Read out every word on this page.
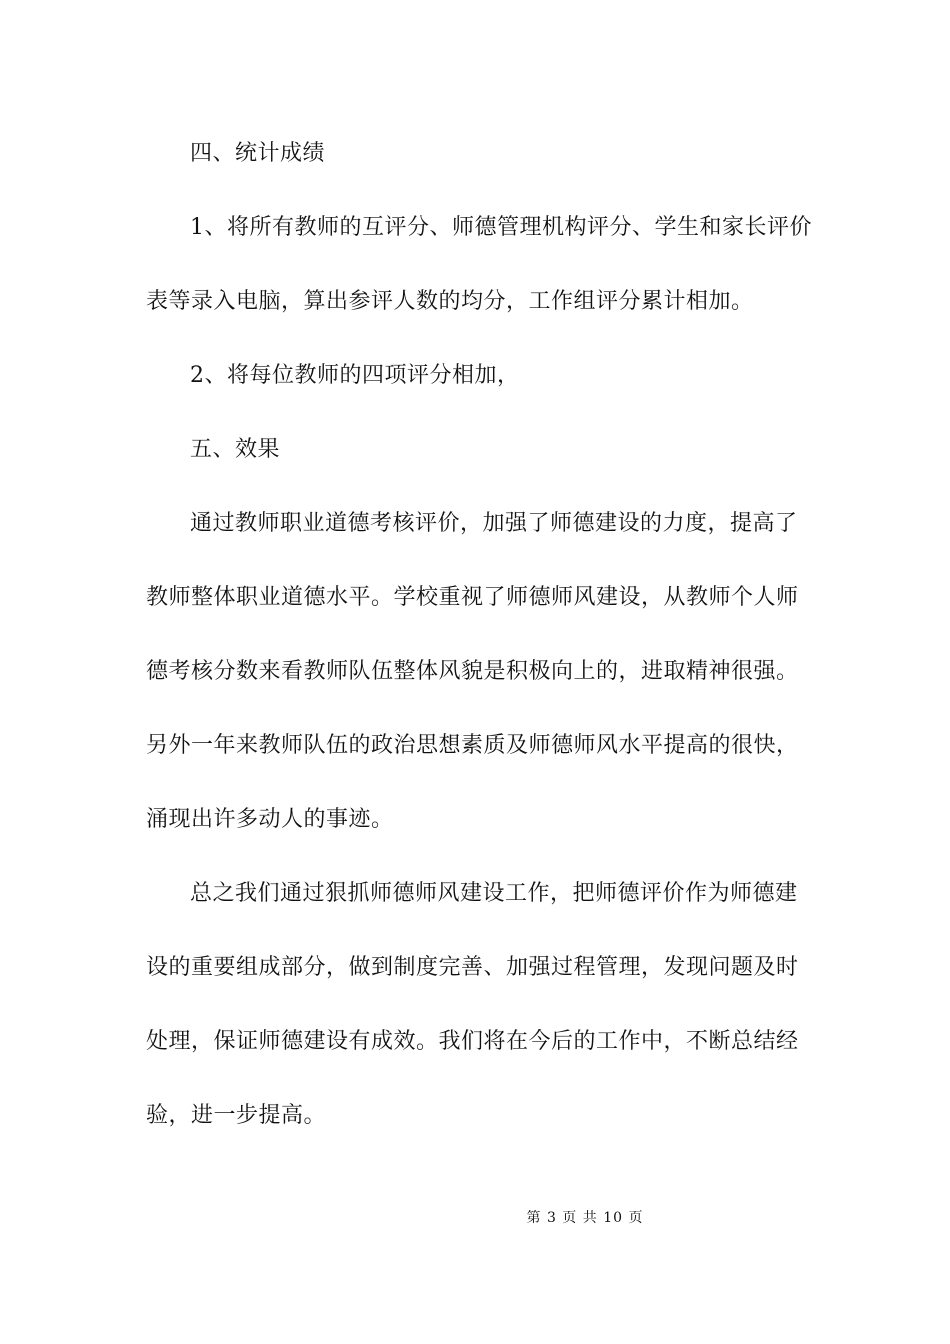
四、统计成绩
1、将所有教师的互评分、师德管理机构评分、学生和家长评价
表等录入电脑，算出参评人数的均分，工作组评分累计相加。
2、将每位教师的四项评分相加，
五、效果
通过教师职业道德考核评价，加强了师德建设的力度，提高了
教师整体职业道德水平。学校重视了师德师风建设，从教师个人师
德考核分数来看教师队伍整体风貌是积极向上的，进取精神很强。
另外一年来教师队伍的政治思想素质及师德师风水平提高的很快，
涌现出许多动人的事迹。
总之我们通过狠抓师德师风建设工作，把师德评价作为师德建
设的重要组成部分，做到制度完善、加强过程管理，发现问题及时
处理，保证师德建设有成效。我们将在今后的工作中，不断总结经
验，进一步提高。
第 3 页 共 10 页
